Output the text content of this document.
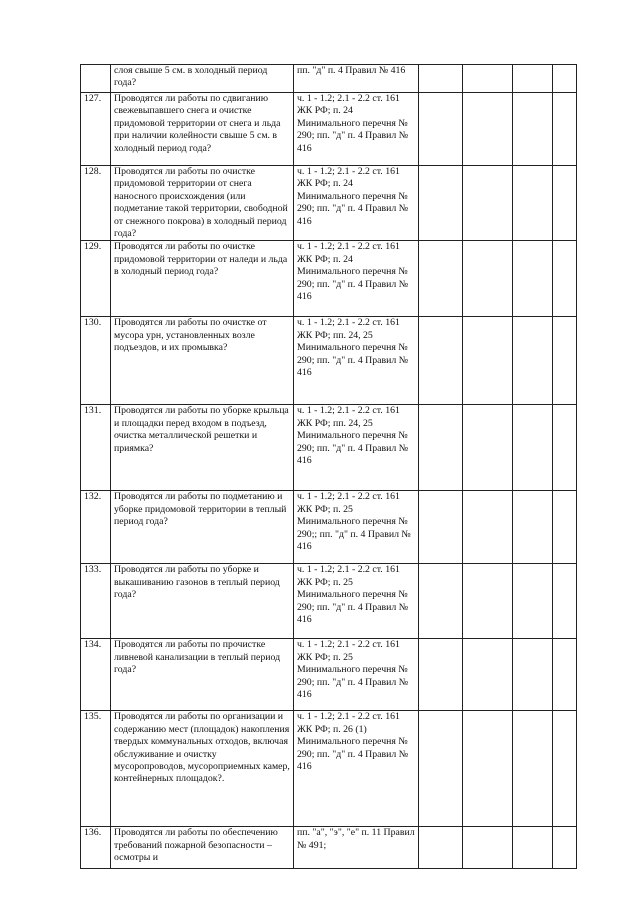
	слоя свыше 5 см. в холодный период года?	пп. "д" п. 4 Правил № 416				
127.	Проводятся ли работы по сдвиганию свежевыпавшего снега и очистке придомовой территории от снега и льда при наличии колейности свыше 5 см. в холодный период года?	ч. 1 - 1.2; 2.1 - 2.2 ст. 161 ЖК РФ; п. 24 Минимального перечня № 290; пп. "д" п. 4 Правил № 416				
128.	Проводятся ли работы по очистке придомовой территории от снега наносного происхождения (или подметание такой территории, свободной от снежного покрова) в холодный период года?	ч. 1 - 1.2; 2.1 - 2.2 ст. 161 ЖК РФ; п. 24 Минимального перечня № 290; пп. "д" п. 4 Правил № 416				
129.	Проводятся ли работы по очистке придомовой территории от наледи и льда в холодный период года?	ч. 1 - 1.2; 2.1 - 2.2 ст. 161 ЖК РФ; п. 24 Минимального перечня № 290; пп. "д" п. 4 Правил № 416				
130.	Проводятся ли работы по очистке от мусора урн, установленных возле подъездов, и их промывка?	ч. 1 - 1.2; 2.1 - 2.2 ст. 161 ЖК РФ; пп. 24, 25 Минимального перечня № 290; пп. "д" п. 4 Правил № 416				
131.	Проводятся ли работы по уборке крыльца и площадки перед входом в подъезд, очистка металлической решетки и приямка?	ч. 1 - 1.2; 2.1 - 2.2 ст. 161 ЖК РФ; пп. 24, 25 Минимального перечня № 290; пп. "д" п. 4 Правил № 416				
132.	Проводятся ли работы по подметанию и уборке придомовой территории в теплый период года?	ч. 1 - 1.2; 2.1 - 2.2 ст. 161 ЖК РФ; п. 25 Минимального перечня № 290;; пп. "д" п. 4 Правил № 416				
133.	Проводятся ли работы по уборке и выкашиванию газонов в теплый период года?	ч. 1 - 1.2; 2.1 - 2.2 ст. 161 ЖК РФ; п. 25 Минимального перечня № 290; пп. "д" п. 4 Правил № 416				
134.	Проводятся ли работы по прочистке ливневой канализации в теплый период года?	ч. 1 - 1.2; 2.1 - 2.2 ст. 161 ЖК РФ; п. 25 Минимального перечня № 290; пп. "д" п. 4 Правил № 416				
135.	Проводятся ли работы по организации и содержанию мест (площадок) накопления твердых коммунальных отходов, включая обслуживание и очистку мусоропроводов, мусороприемных камер, контейнерных площадок?.	ч. 1 - 1.2; 2.1 - 2.2 ст. 161 ЖК РФ; п. 26 (1) Минимального перечня № 290; пп. "д" п. 4 Правил № 416				
136.	Проводятся ли работы по обеспечению требований пожарной безопасности – осмотры и	пп. "а", "э", "е" п. 11 Правил № 491;				
